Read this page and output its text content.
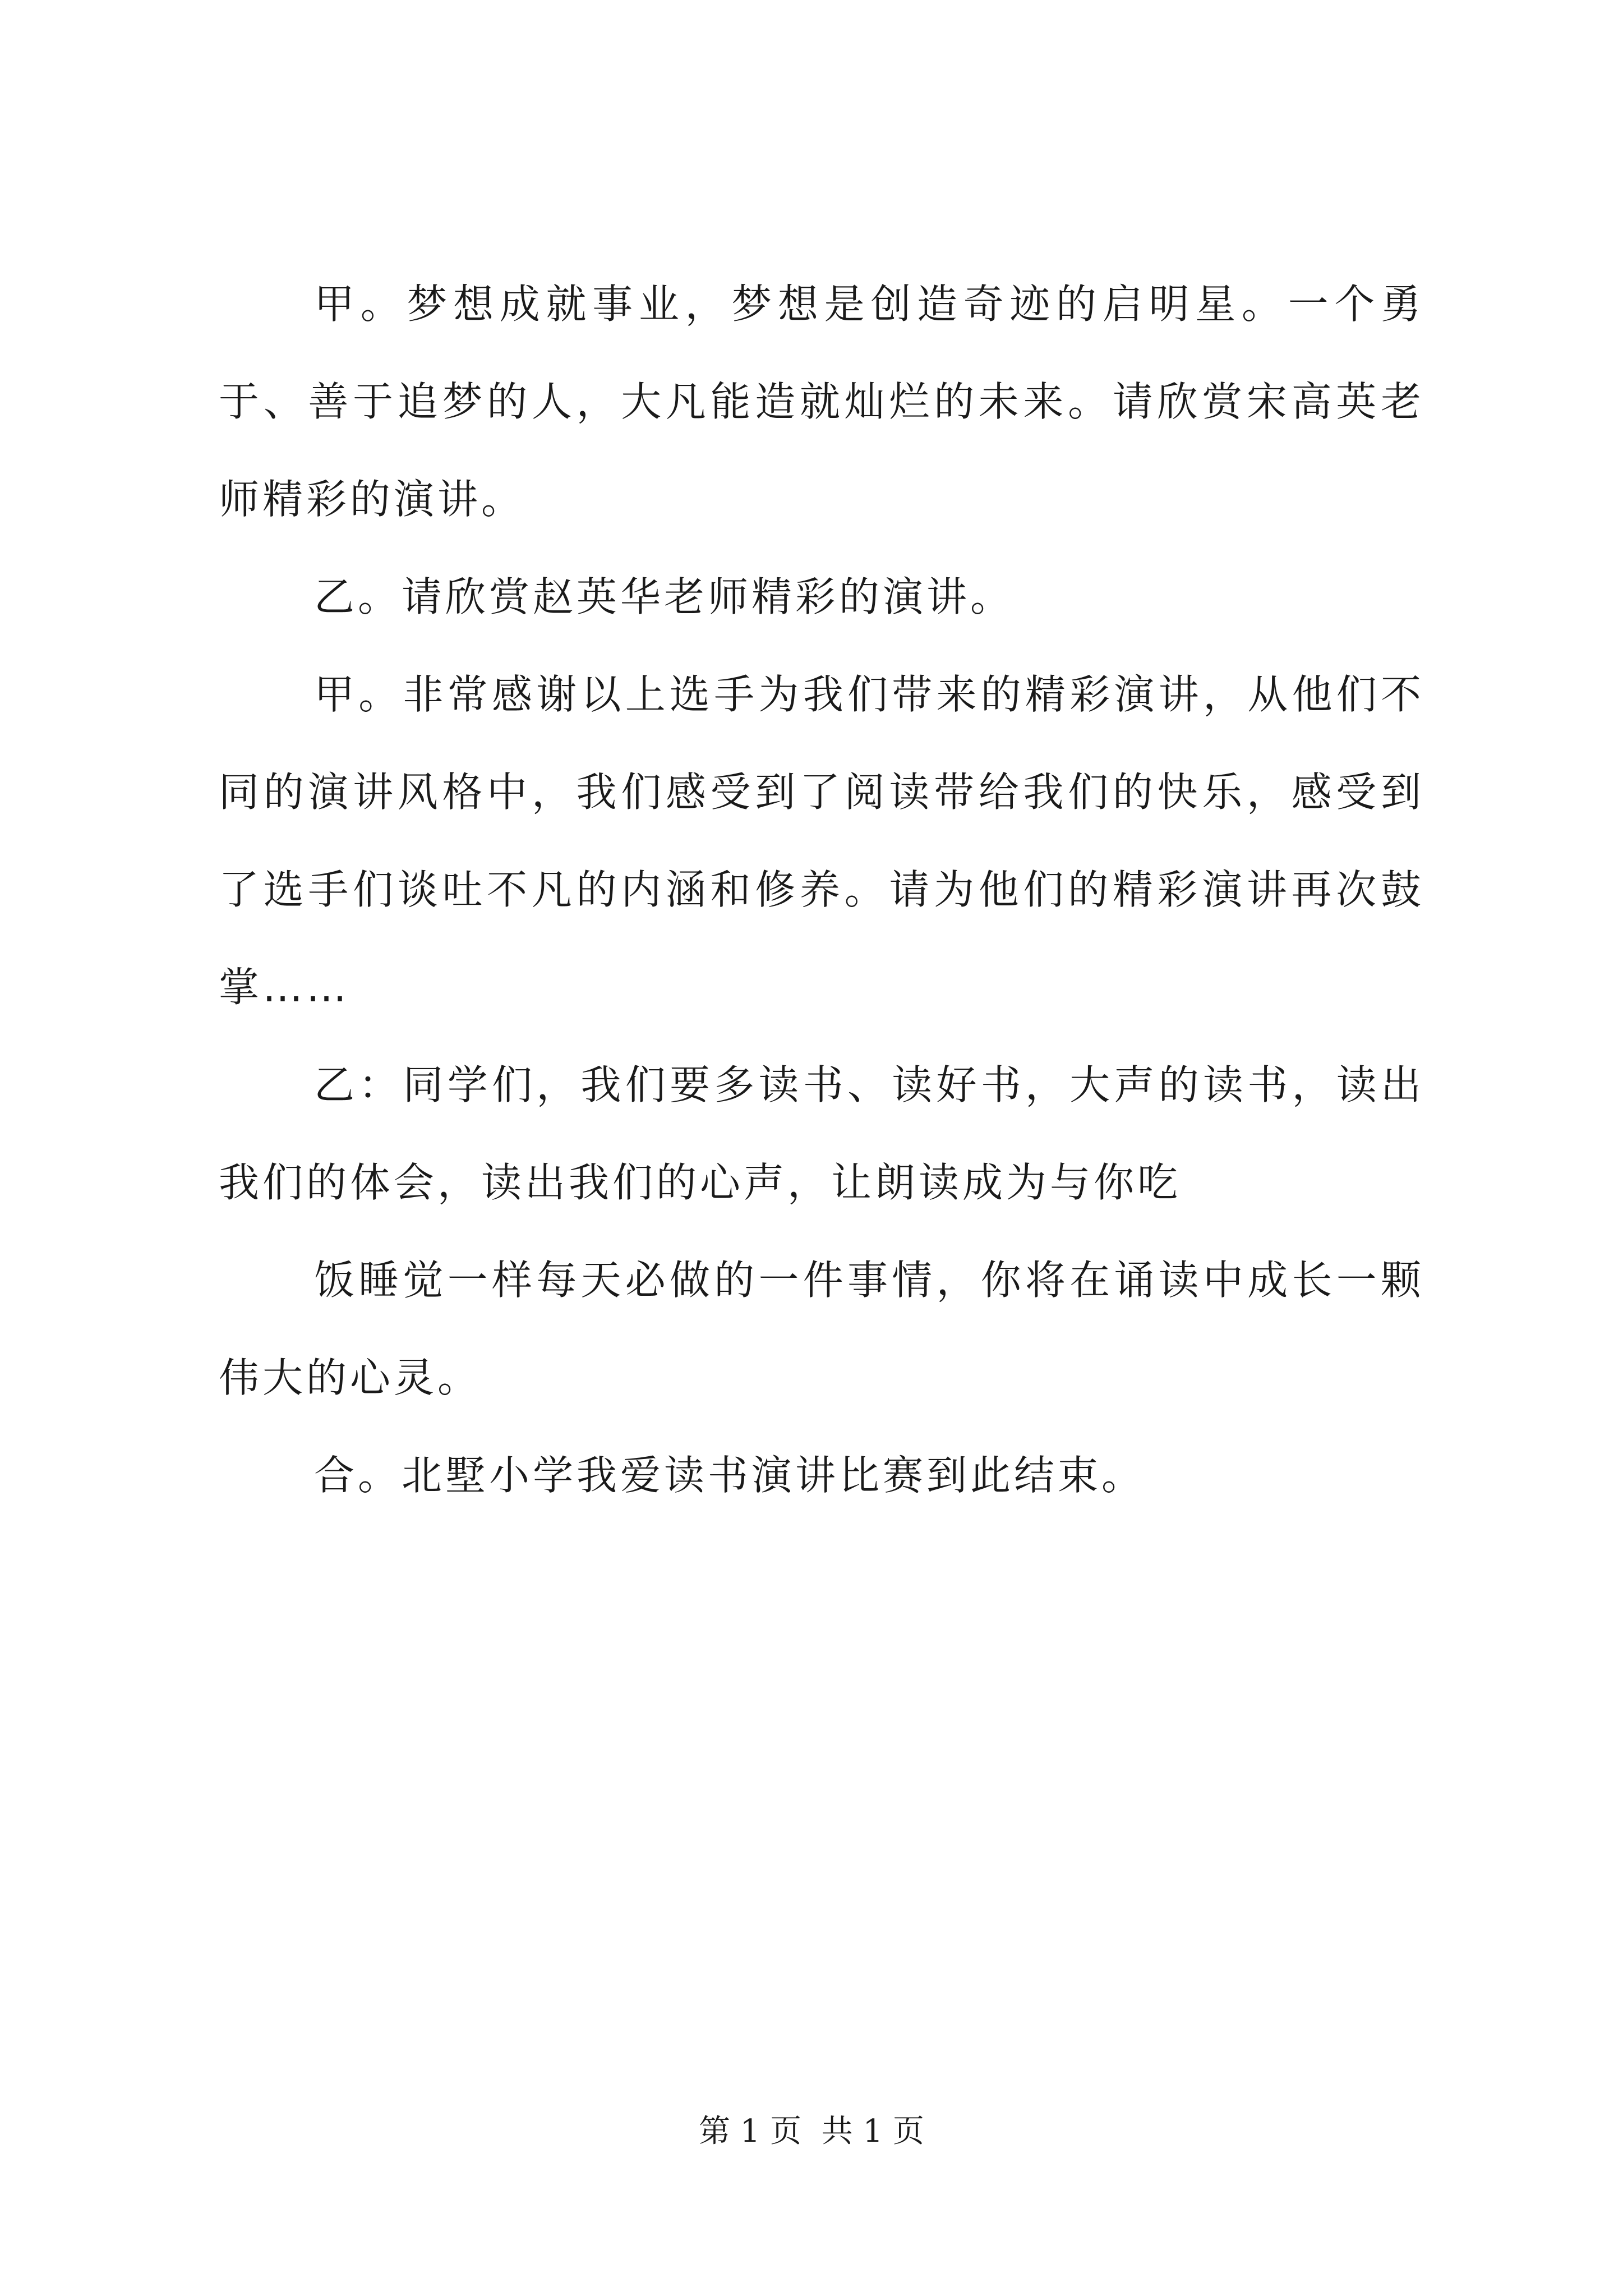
甲。梦想成就事业，梦想是创造奇迹的启明星。一个勇于、善于追梦的人，大凡能造就灿烂的未来。请欣赏宋高英老师精彩的演讲。

乙。请欣赏赵英华老师精彩的演讲。

甲。非常感谢以上选手为我们带来的精彩演讲，从他们不同的演讲风格中，我们感受到了阅读带给我们的快乐，感受到了选手们谈吐不凡的内涵和修养。请为他们的精彩演讲再次鼓掌……

乙：同学们，我们要多读书、读好书，大声的读书，读出我们的体会，读出我们的心声，让朗读成为与你吃

饭睡觉一样每天必做的一件事情，你将在诵读中成长一颗伟大的心灵。

合。北墅小学我爱读书演讲比赛到此结束。

第 1 页  共 1 页
